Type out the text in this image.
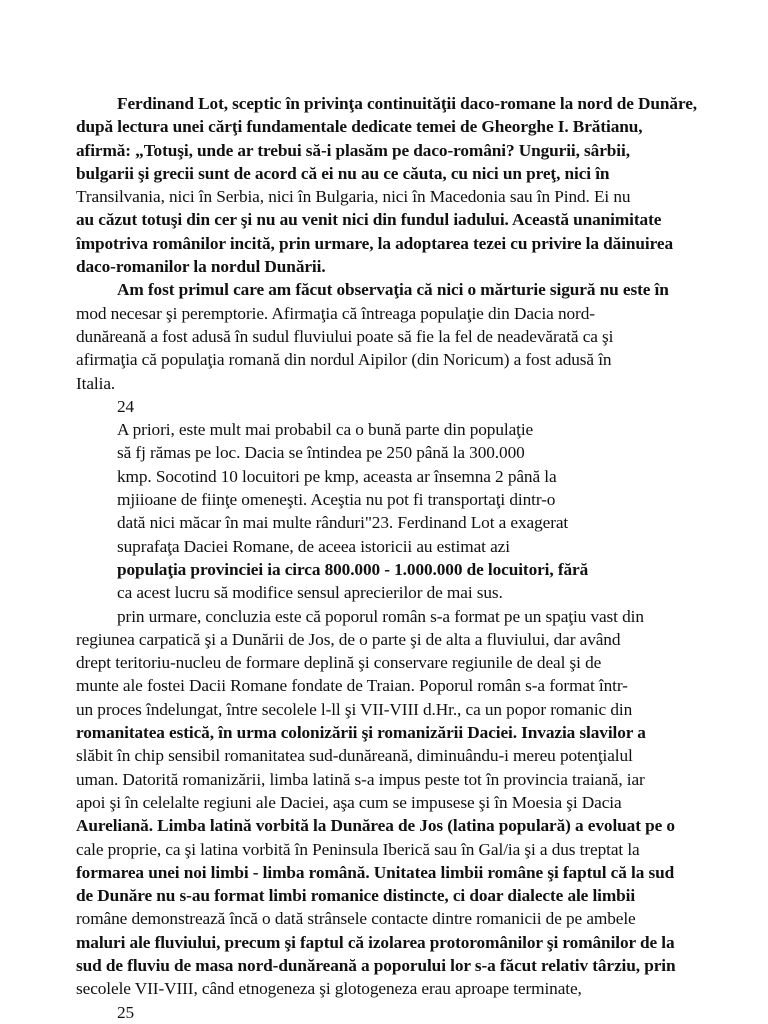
Ferdinand Lot, sceptic în privinţa continuităţii daco-romane la nord de Dunăre,
după lectura unei cărţi fundamentale dedicate temei de Gheorghe I. Brătianu,
afirmă: „Totuşi, unde ar trebui să-i plasăm pe daco-români? Ungurii, sârbii,
bulgarii şi grecii sunt de acord că ei nu au ce căuta, cu nici un preţ, nici în
Transilvania, nici în Serbia, nici în Bulgaria, nici în Macedonia sau în Pind. Ei nu
au căzut totuşi din cer şi nu au venit nici din fundul iadului. Această unanimitate
împotriva românilor incită, prin urmare, la adoptarea tezei cu privire la dăinuirea
daco-romanilor la nordul Dunării.
Am fost primul care am făcut observaţia că nici o mărturie sigură nu este în
mod necesar şi peremptorie. Afirmaţia că întreaga populaţie din Dacia nord-
dunăreană a fost adusă în sudul fluviului poate să fie la fel de neadevărată ca şi
afirmaţia că populaţia romană din nordul Aipilor (din Noricum) a fost adusă în
Italia.
24
A priori, este mult mai probabil ca o bună parte din populaţie
să fj rămas pe loc. Dacia se întindea pe 250 până la 300.000
kmp. Socotind 10 locuitori pe kmp, aceasta ar însemna 2 până la
mjiioane de fiinţe omeneşti. Aceştia nu pot fi transportaţi dintr-o
dată nici măcar în mai multe rânduri"23. Ferdinand Lot a exagerat
suprafaţa Daciei Romane, de aceea istoricii au estimat azi
populaţia provinciei ia circa 800.000 - 1.000.000 de locuitori, fără
ca acest lucru să modifice sensul aprecierilor de mai sus.
prin urmare, concluzia este că poporul român s-a format pe un spaţiu vast din
regiunea carpatică şi a Dunării de Jos, de o parte şi de alta a fluviului, dar având
drept teritoriu-nucleu de formare deplină şi conservare regiunile de deal şi de
munte ale fostei Dacii Romane fondate de Traian. Poporul român s-a format într-
un proces îndelungat, între secolele l-ll şi VII-VIII d.Hr., ca un popor romanic din
romanitatea estică, în urma colonizării şi romanizării Daciei. Invazia slavilor a
slăbit în chip sensibil romanitatea sud-dunăreană, diminuându-i mereu potenţialul
uman. Datorită romanizării, limba latină s-a impus peste tot în provincia traiană, iar
apoi şi în celelalte regiuni ale Daciei, aşa cum se impusese şi în Moesia şi Dacia
Aureliană. Limba latină vorbită la Dunărea de Jos (latina populară) a evoluat pe o
cale proprie, ca şi latina vorbită în Peninsula Iberică sau în Gal/ia şi a dus treptat la
formarea unei noi limbi - limba română. Unitatea limbii române şi faptul că la sud
de Dunăre nu s-au format limbi romanice distincte, ci doar dialecte ale limbii
române demonstrează încă o dată strânsele contacte dintre romanicii de pe ambele
maluri ale fluviului, precum şi faptul că izolarea protoromânilor şi românilor de la
sud de fluviu de masa nord-dunăreană a poporului lor s-a făcut relativ târziu, prin
secolele VII-VIII, când etnogeneza şi glotogeneza erau aproape terminate,
25
